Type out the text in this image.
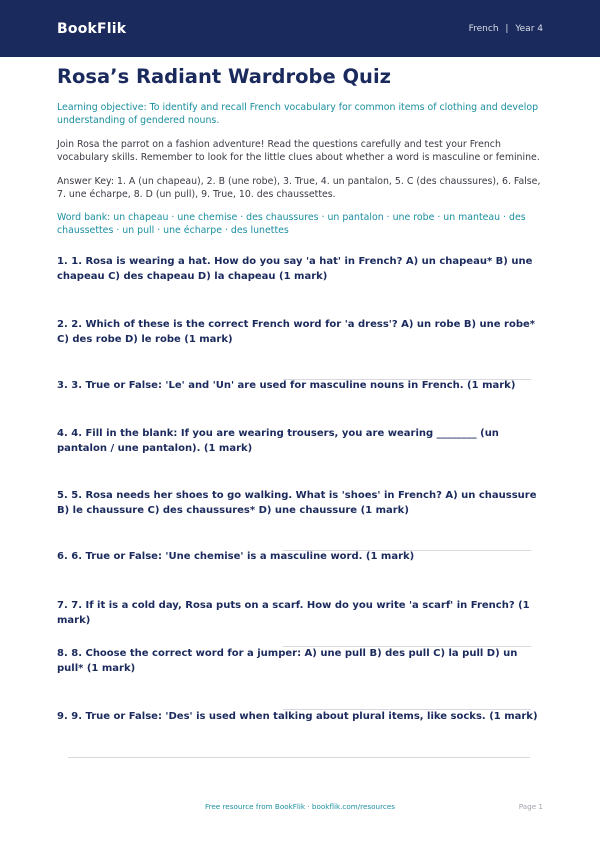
BookFlik	French | Year 4
Rosa’s Radiant Wardrobe Quiz
Learning objective: To identify and recall French vocabulary for common items of clothing and develop understanding of gendered nouns.
Join Rosa the parrot on a fashion adventure! Read the questions carefully and test your French vocabulary skills. Remember to look for the little clues about whether a word is masculine or feminine.
Answer Key: 1. A (un chapeau), 2. B (une robe), 3. True, 4. un pantalon, 5. C (des chaussures), 6. False, 7. une écharpe, 8. D (un pull), 9. True, 10. des chaussettes.
Word bank: un chapeau · une chemise · des chaussures · un pantalon · une robe · un manteau · des chaussettes · un pull · une écharpe · des lunettes
1. 1. Rosa is wearing a hat. How do you say 'a hat' in French? A) un chapeau* B) une chapeau C) des chapeau D) la chapeau (1 mark)
2. 2. Which of these is the correct French word for 'a dress'? A) un robe B) une robe* C) des robe D) le robe (1 mark)
3. 3. True or False: 'Le' and 'Un' are used for masculine nouns in French. (1 mark)
4. 4. Fill in the blank: If you are wearing trousers, you are wearing ________ (un pantalon / une pantalon). (1 mark)
5. 5. Rosa needs her shoes to go walking. What is 'shoes' in French? A) un chaussure B) le chaussure C) des chaussures* D) une chaussure (1 mark)
6. 6. True or False: 'Une chemise' is a masculine word. (1 mark)
7. 7. If it is a cold day, Rosa puts on a scarf. How do you write 'a scarf' in French? (1 mark)
8. 8. Choose the correct word for a jumper: A) une pull B) des pull C) la pull D) un pull* (1 mark)
9. 9. True or False: 'Des' is used when talking about plural items, like socks. (1 mark)
Free resource from BookFlik · bookflik.com/resources	Page 1
